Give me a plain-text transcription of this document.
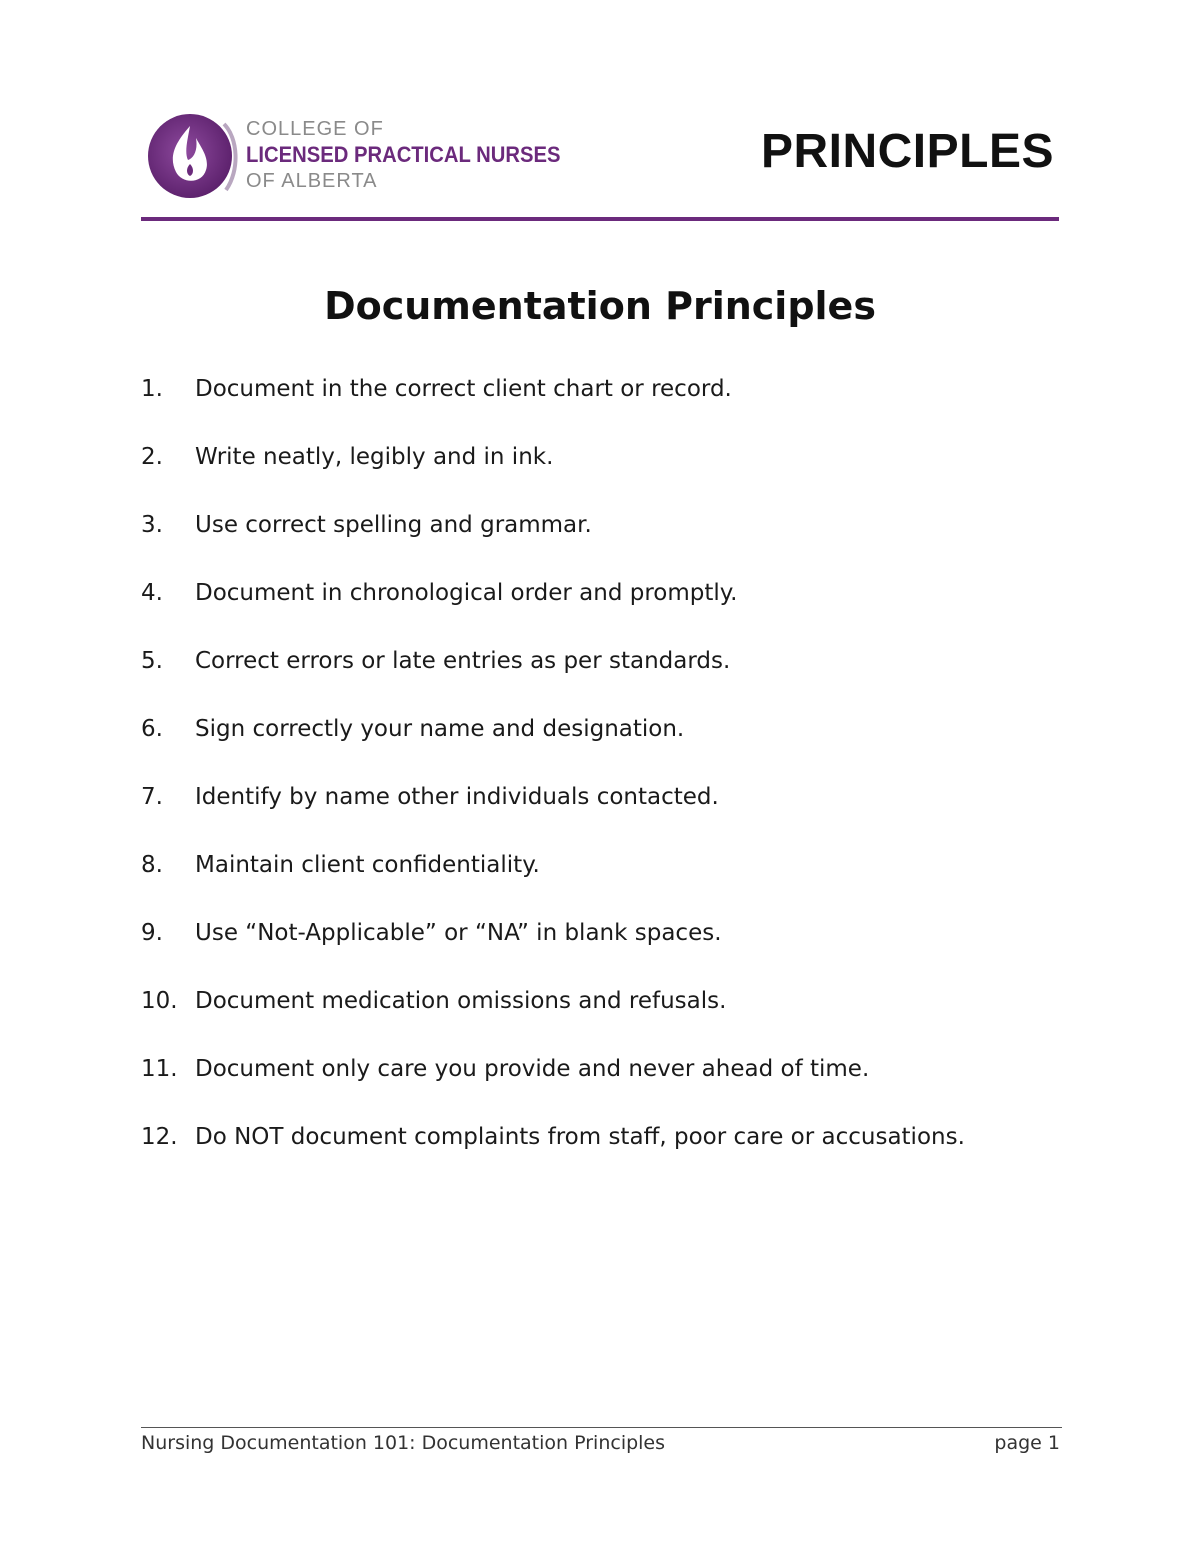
COLLEGE OF
LICENSED PRACTICAL NURSES
OF ALBERTA
PRINCIPLES
Documentation Principles
1.	Document in the correct client chart or record.
2.	Write neatly, legibly and in ink.
3.	Use correct spelling and grammar.
4.	Document in chronological order and promptly.
5.	Correct errors or late entries as per standards.
6.	Sign correctly your name and designation.
7.	Identify by name other individuals contacted.
8.	Maintain client confidentiality.
9.	Use “Not-Applicable” or “NA” in blank spaces.
10. Document medication omissions and refusals.
11. Document only care you provide and never ahead of time.
12. Do NOT document complaints from staff, poor care or accusations.
Nursing Documentation 101: Documentation Principles	page 1
